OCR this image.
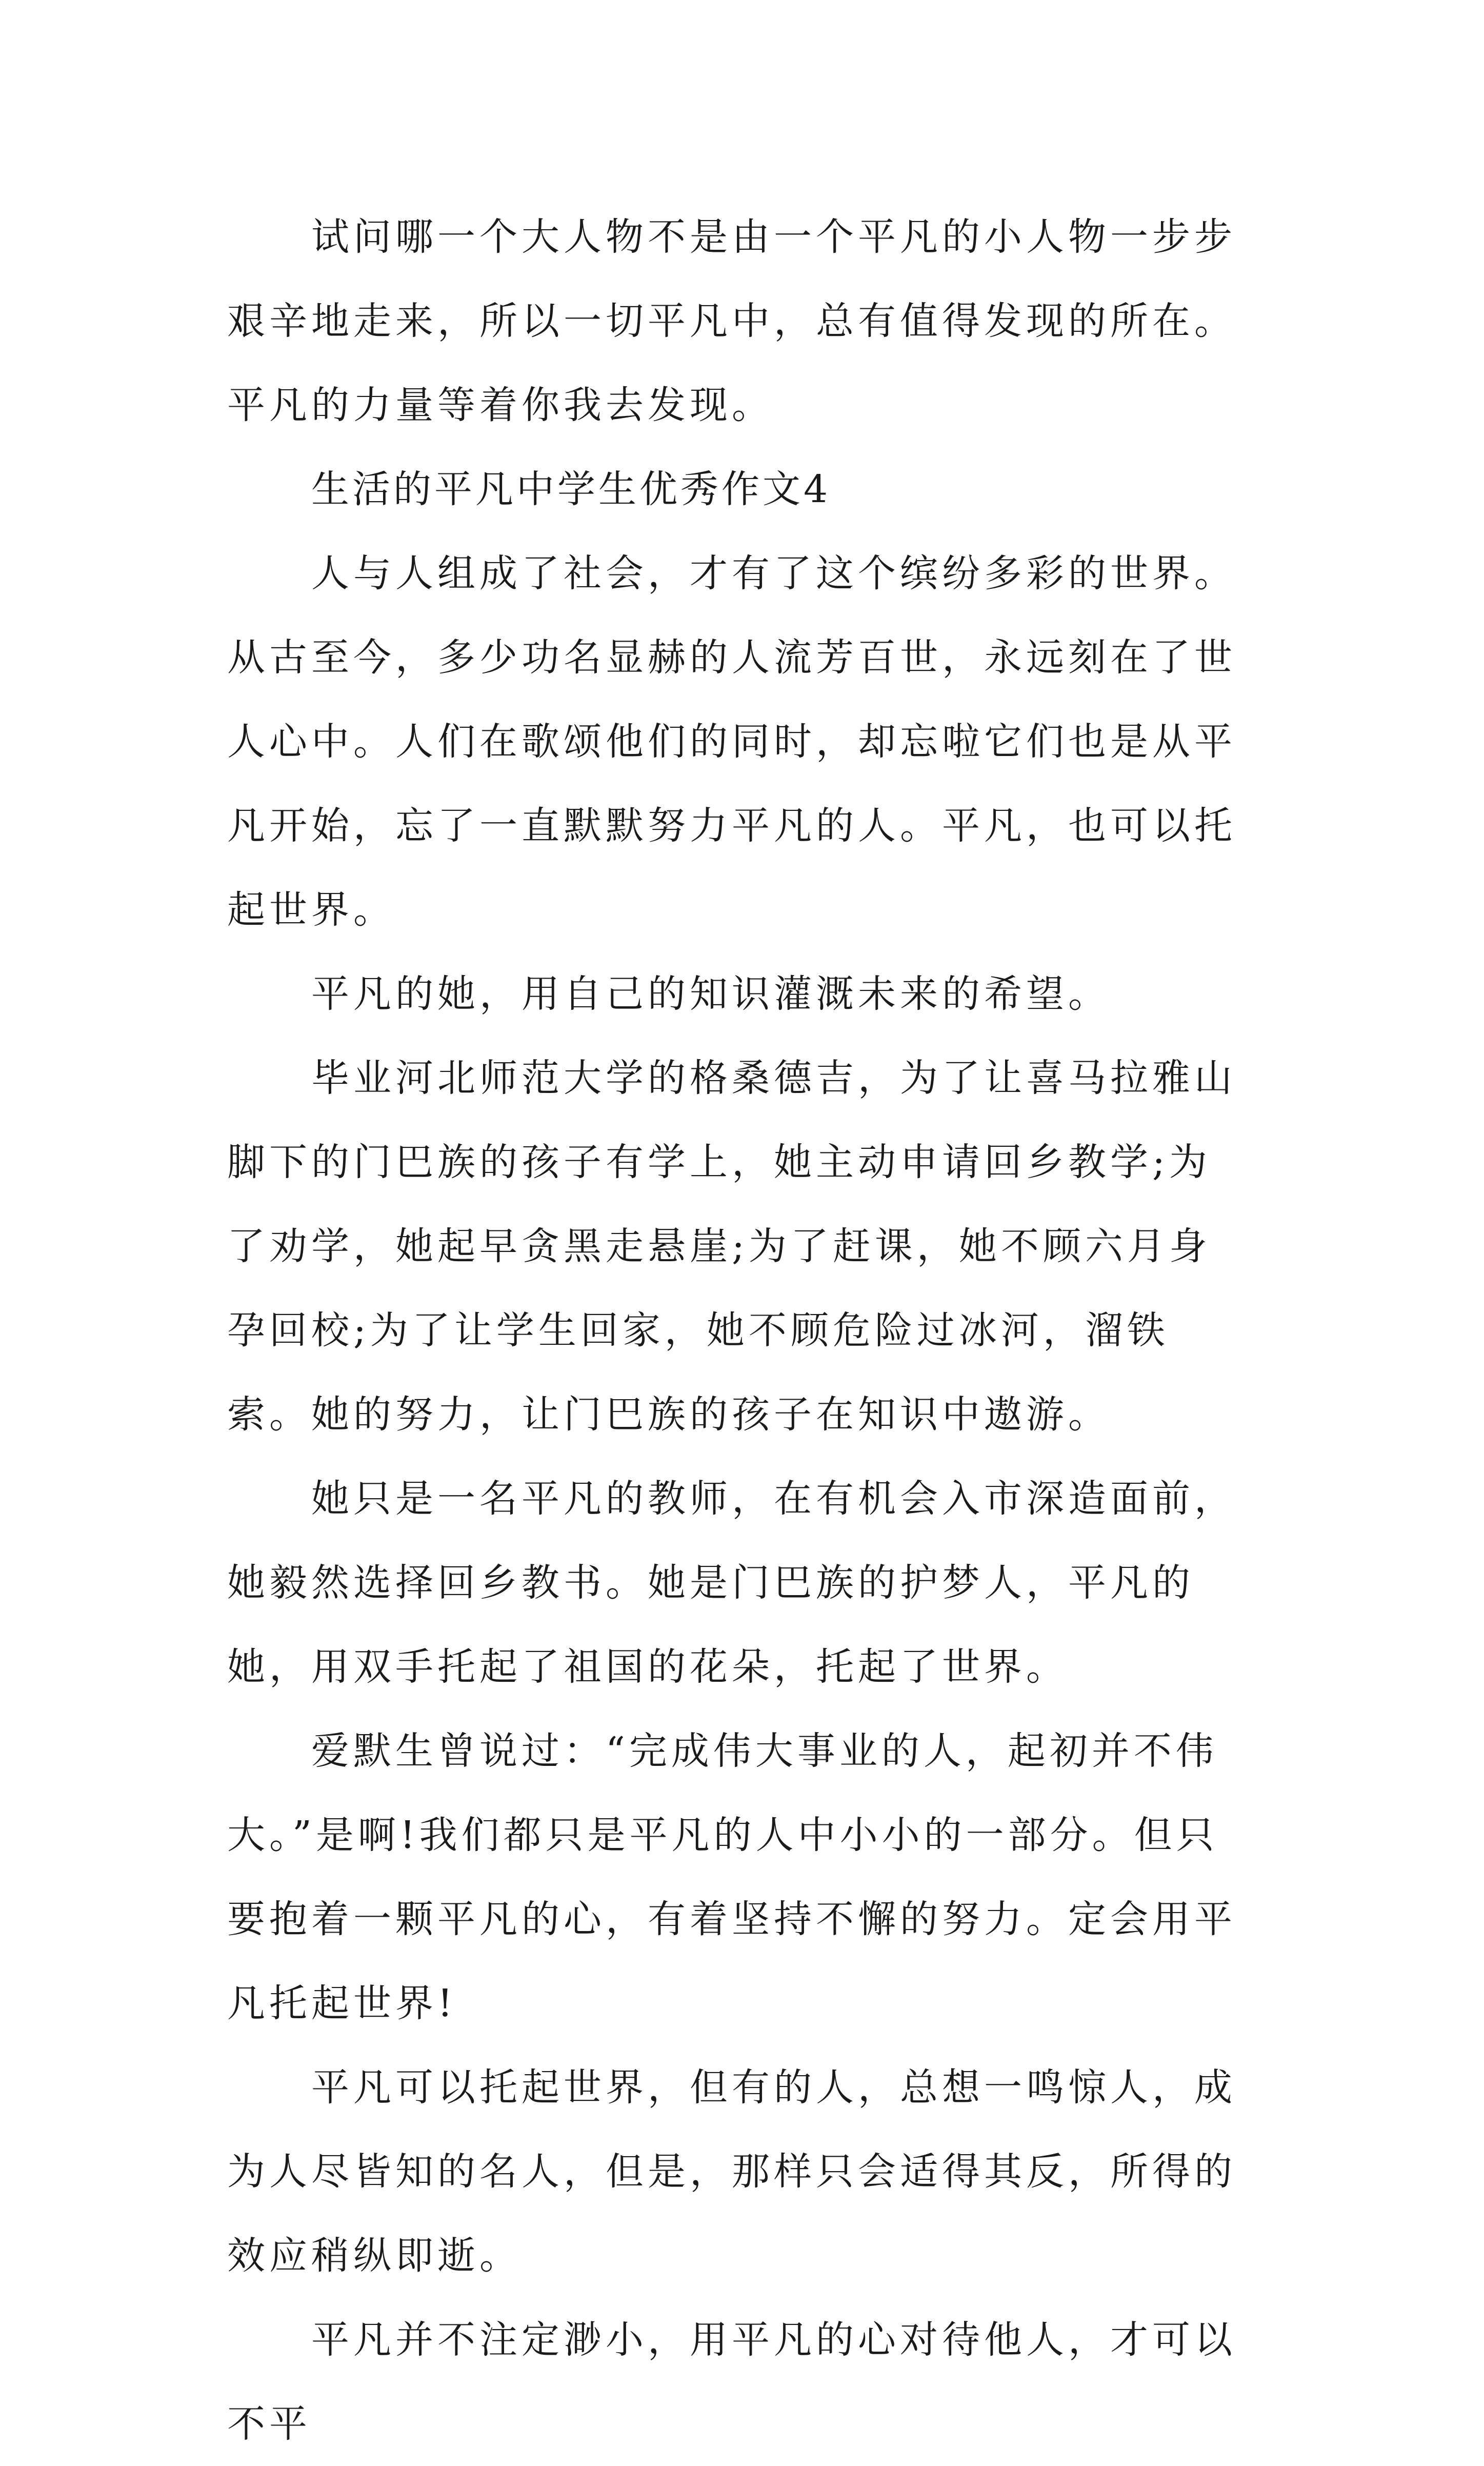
试问哪一个大人物不是由一个平凡的小人物一步步艰辛地走来，所以一切平凡中，总有值得发现的所在。平凡的力量等着你我去发现。

生活的平凡中学生优秀作文4

人与人组成了社会，才有了这个缤纷多彩的世界。从古至今，多少功名显赫的人流芳百世，永远刻在了世人心中。人们在歌颂他们的同时，却忘啦它们也是从平凡开始，忘了一直默默努力平凡的人。平凡，也可以托起世界。

平凡的她，用自己的知识灌溉未来的希望。

毕业河北师范大学的格桑德吉，为了让喜马拉雅山脚下的门巴族的孩子有学上，她主动申请回乡教学;为了劝学，她起早贪黑走悬崖;为了赶课，她不顾六月身孕回校;为了让学生回家，她不顾危险过冰河，溜铁索。她的努力，让门巴族的孩子在知识中遨游。

她只是一名平凡的教师，在有机会入市深造面前，她毅然选择回乡教书。她是门巴族的护梦人，平凡的她，用双手托起了祖国的花朵，托起了世界。

爱默生曾说过：“完成伟大事业的人，起初并不伟大。”是啊!我们都只是平凡的人中小小的一部分。但只要抱着一颗平凡的心，有着坚持不懈的努力。定会用平凡托起世界!

平凡可以托起世界，但有的人，总想一鸣惊人，成为人尽皆知的名人，但是，那样只会适得其反，所得的效应稍纵即逝。

平凡并不注定渺小，用平凡的心对待他人，才可以不平
